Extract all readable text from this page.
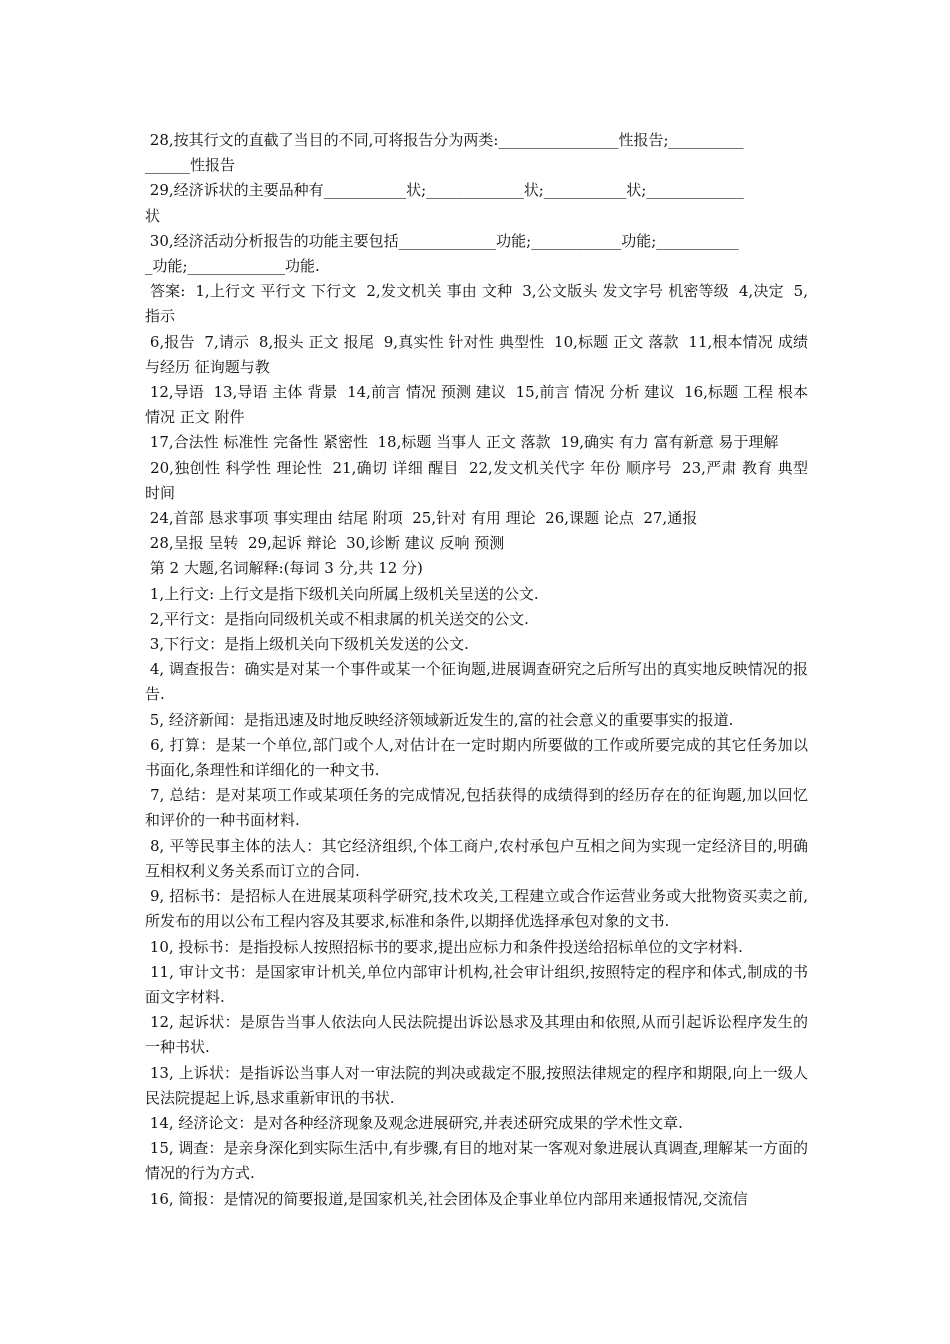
28,按其行文的直截了当目的不同,可将报告分为两类:________________性报告;__________
______性报告

29,经济诉状的主要品种有___________状;_____________状;___________状;_____________
状

30,经济活动分析报告的功能主要包括_____________功能;____________功能;___________
_功能;_____________功能.

答案:  1,上行文 平行文 下行文  2,发文机关 事由 文种  3,公文版头 发文字号 机密等级  4,决定  5,指示

6,报告  7,请示  8,报头 正文 报尾  9,真实性 针对性 典型性  10,标题 正文 落款  11,根本情况 成绩与经历 征询题与教

12,导语  13,导语 主体 背景  14,前言 情况 预测 建议  15,前言 情况 分析 建议  16,标题 工程 根本情况 正文 附件

17,合法性 标准性 完备性 紧密性  18,标题 当事人 正文 落款  19,确实 有力 富有新意 易于理解

20,独创性 科学性 理论性  21,确切 详细 醒目  22,发文机关代字 年份 顺序号  23,严肃 教育 典型 时间

24,首部 恳求事项 事实理由 结尾 附项  25,针对 有用 理论  26,课题 论点  27,通报

28,呈报 呈转  29,起诉 辩论  30,诊断 建议 反响 预测

第 2 大题,名词解释:(每词 3 分,共 12 分)

1,上行文: 上行文是指下级机关向所属上级机关呈送的公文.

2,平行文：是指向同级机关或不相隶属的机关送交的公文.

3,下行文：是指上级机关向下级机关发送的公文.

4, 调查报告：确实是对某一个事件或某一个征询题,进展调查研究之后所写出的真实地反映情况的报告.

5, 经济新闻：是指迅速及时地反映经济领域新近发生的,富的社会意义的重要事实的报道.

6, 打算：是某一个单位,部门或个人,对估计在一定时期内所要做的工作或所要完成的其它任务加以书面化,条理性和详细化的一种文书.

7, 总结：是对某项工作或某项任务的完成情况,包括获得的成绩得到的经历存在的征询题,加以回忆和评价的一种书面材料.

8, 平等民事主体的法人：其它经济组织,个体工商户,农村承包户互相之间为实现一定经济目的,明确互相权利义务关系而订立的合同.

9, 招标书：是招标人在进展某项科学研究,技术攻关,工程建立或合作运营业务或大批物资买卖之前,所发布的用以公布工程内容及其要求,标准和条件,以期择优选择承包对象的文书.

10, 投标书：是指投标人按照招标书的要求,提出应标力和条件投送给招标单位的文字材料.

11, 审计文书：是国家审计机关,单位内部审计机构,社会审计组织,按照特定的程序和体式,制成的书面文字材料.

12, 起诉状：是原告当事人依法向人民法院提出诉讼恳求及其理由和依照,从而引起诉讼程序发生的一种书状.

13, 上诉状：是指诉讼当事人对一审法院的判决或裁定不服,按照法律规定的程序和期限,向上一级人民法院提起上诉,恳求重新审讯的书状.

14, 经济论文：是对各种经济现象及观念进展研究,并表述研究成果的学术性文章.

15, 调查：是亲身深化到实际生活中,有步骤,有目的地对某一客观对象进展认真调查,理解某一方面的情况的行为方式.

16, 简报：是情况的简要报道,是国家机关,社会团体及企事业单位内部用来通报情况,交流信
